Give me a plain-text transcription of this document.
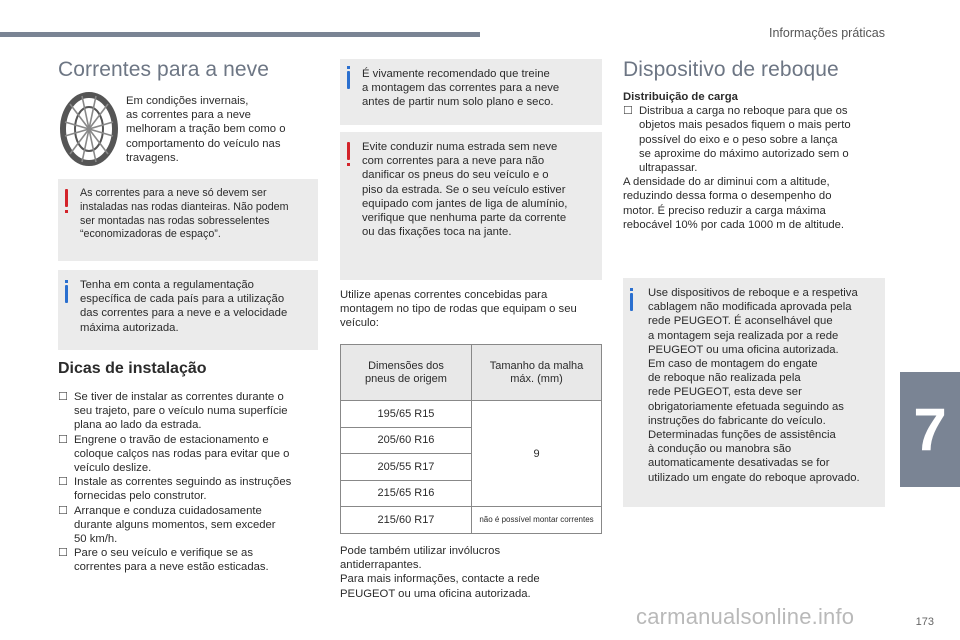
Informações práticas
Correntes para a neve

Em condições invernais,

as correntes para a neve

melhoram a tração bem como o

comportamento do veículo nas

travagens.

As correntes para a neve só devem ser

instaladas nas rodas dianteiras. Não podem

ser montadas nas rodas sobresselentes

“economizadoras de espaço”.

Tenha em conta a regulamentação

específica de cada país para a utilização

das correntes para a neve e a velocidade

máxima autorizada.

Dicas de instalação

☐ Se tiver de instalar as correntes durante o
seu trajeto, pare o veículo numa superfície
plana ao lado da estrada.

☐ Engrene o travão de estacionamento e
coloque calços nas rodas para evitar que o
veículo deslize.

☐ Instale as correntes seguindo as instruções
fornecidas pelo construtor.

☐ Arranque e conduza cuidadosamente
durante alguns momentos, sem exceder
50 km/h.

☐ Pare o seu veículo e verifique se as
correntes para a neve estão esticadas.

É vivamente recomendado que treine

a montagem das correntes para a neve

antes de partir num solo plano e seco.

Evite conduzir numa estrada sem neve

com correntes para a neve para não

danificar os pneus do seu veículo e o

piso da estrada. Se o seu veículo estiver

equipado com jantes de liga de alumínio,

verifique que nenhuma parte da corrente

ou das fixações toca na jante.

Utilize apenas correntes concebidas para

montagem no tipo de rodas que equipam o seu

veículo:

Dimensões dos
pneus de origem	Tamanho da malha
máx. (mm)
195/65 R15	9
205/60 R16	
205/55 R17	
215/65 R16	
215/60 R17	não é possível montar correntes

Pode também utilizar invólucros

antiderrapantes.

Para mais informações, contacte a rede

PEUGEOT ou uma oficina autorizada.

Dispositivo de reboque

Distribuição de carga

☐ Distribua a carga no reboque para que os
objetos mais pesados fiquem o mais perto
possível do eixo e o peso sobre a lança
se aproxime do máximo autorizado sem o
ultrapassar.

A densidade do ar diminui com a altitude,

reduzindo dessa forma o desempenho do

motor. É preciso reduzir a carga máxima

rebocável 10% por cada 1000 m de altitude.

Use dispositivos de reboque e a respetiva

cablagem não modificada aprovada pela

rede PEUGEOT. É aconselhável que

a montagem seja realizada por a rede

PEUGEOT ou uma oficina autorizada.

Em caso de montagem do engate

de reboque não realizada pela

rede PEUGEOT, esta deve ser

obrigatoriamente efetuada seguindo as

instruções do fabricante do veículo.

Determinadas funções de assistência

à condução ou manobra são

automaticamente desativadas se for

utilizado um engate do reboque aprovado.

7
173
carmanualsonline.info
